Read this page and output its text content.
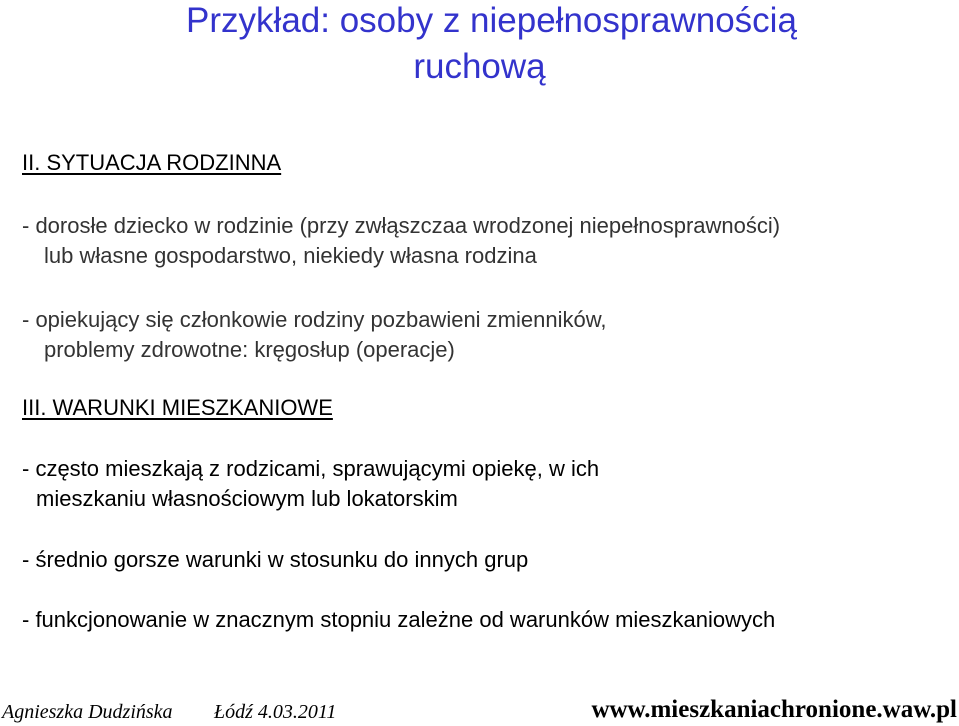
Przykład: osoby z niepełnosprawnością
ruchową
II. SYTUACJA RODZINNA
- dorosłe dziecko w rodzinie (przy zwłąszczaa wrodzonej niepełnosprawności)
lub własne gospodarstwo, niekiedy własna rodzina
- opiekujący się członkowie rodziny pozbawieni zmienników,
problemy zdrowotne: kręgosłup (operacje)
III. WARUNKI MIESZKANIOWE
- często mieszkają z rodzicami, sprawującymi opiekę, w ich
mieszkaniu własnościowym lub lokatorskim
- średnio gorsze warunki w stosunku do innych grup
- funkcjonowanie w znacznym stopniu zależne od warunków mieszkaniowych
Agnieszka Dudzińska Łódź 4.03.2011	www.mieszkaniachronione.waw.pl
